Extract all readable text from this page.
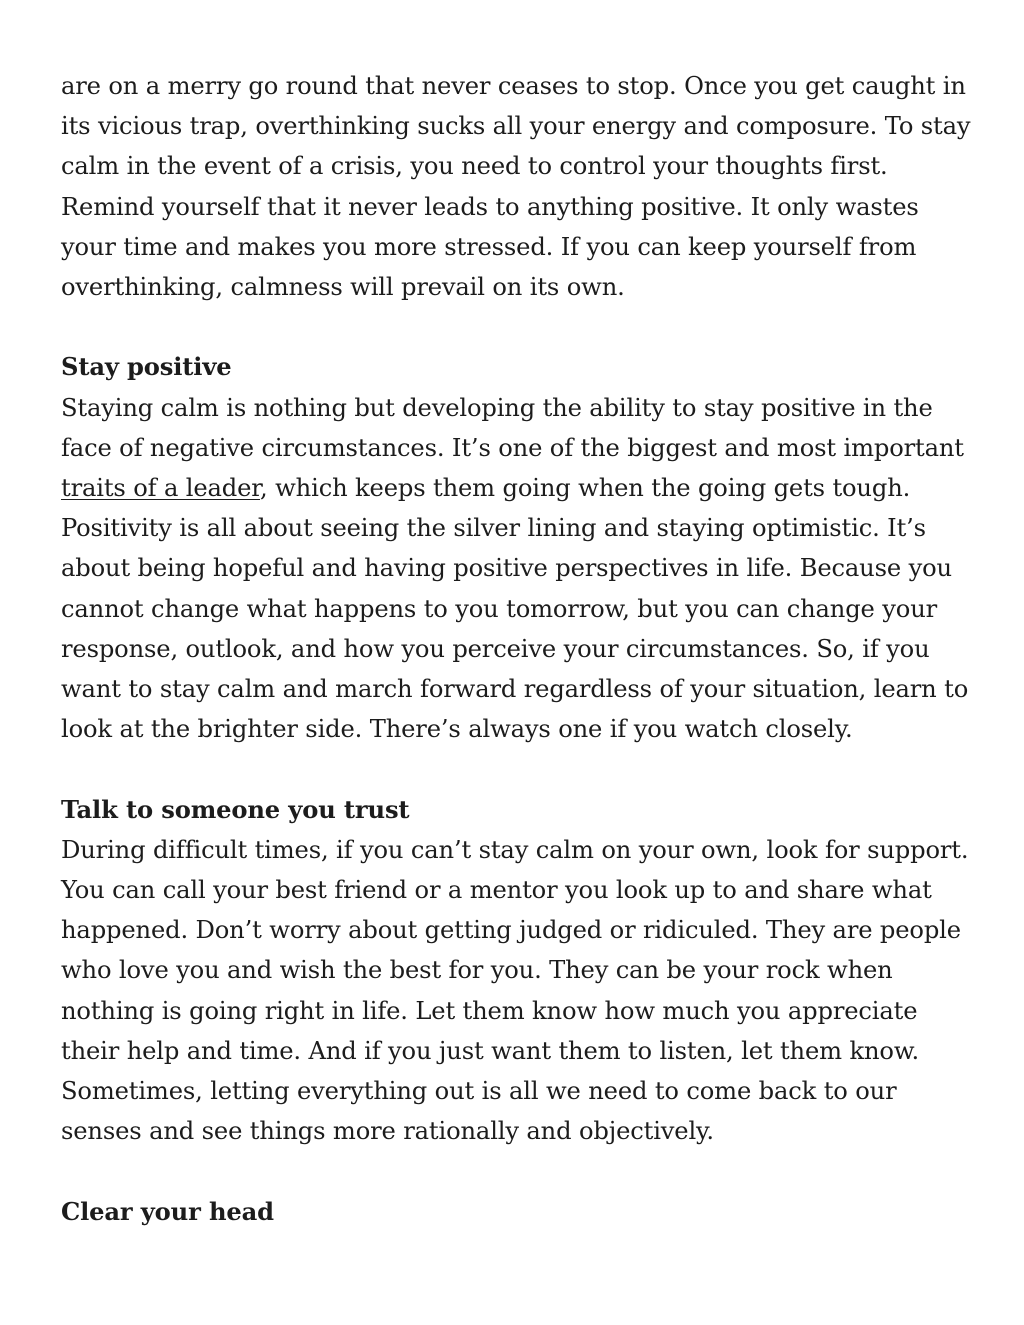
are on a merry go round that never ceases to stop. Once you get caught in its vicious trap, overthinking sucks all your energy and composure. To stay calm in the event of a crisis, you need to control your thoughts first. Remind yourself that it never leads to anything positive. It only wastes your time and makes you more stressed. If you can keep yourself from overthinking, calmness will prevail on its own.

Stay positive

Staying calm is nothing but developing the ability to stay positive in the face of negative circumstances. It’s one of the biggest and most important traits of a leader, which keeps them going when the going gets tough. Positivity is all about seeing the silver lining and staying optimistic. It’s about being hopeful and having positive perspectives in life. Because you cannot change what happens to you tomorrow, but you can change your response, outlook, and how you perceive your circumstances. So, if you want to stay calm and march forward regardless of your situation, learn to look at the brighter side. There’s always one if you watch closely.

Talk to someone you trust

During difficult times, if you can’t stay calm on your own, look for support. You can call your best friend or a mentor you look up to and share what happened. Don’t worry about getting judged or ridiculed. They are people who love you and wish the best for you. They can be your rock when nothing is going right in life. Let them know how much you appreciate their help and time. And if you just want them to listen, let them know. Sometimes, letting everything out is all we need to come back to our senses and see things more rationally and objectively.

Clear your head
